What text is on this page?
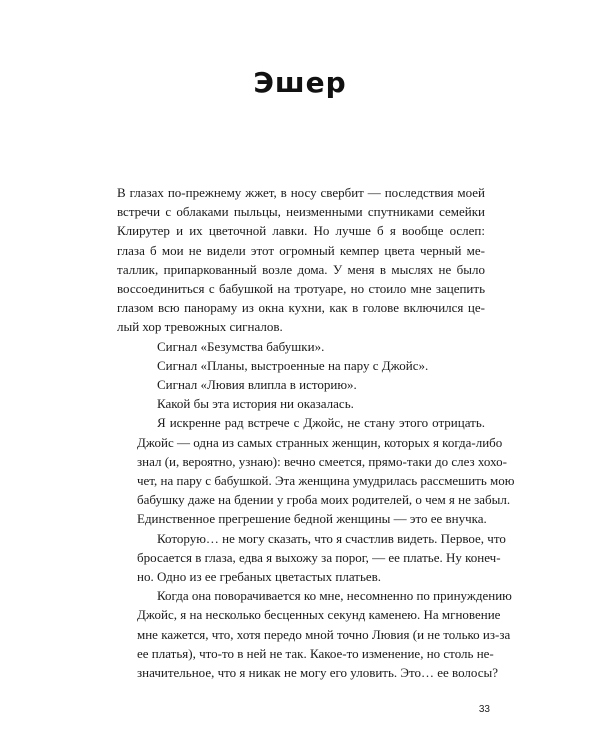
Эшер
В глазах по-прежнему жжет, в носу свербит — последствия моей
встречи с облаками пыльцы, неизменными спутниками семейки
Клирутер и их цветочной лавки. Но лучше б я вообще ослеп:
глаза б мои не видели этот огромный кемпер цвета черный ме-
таллик, припаркованный возле дома. У меня в мыслях не было
воссоединиться с бабушкой на тротуаре, но стоило мне зацепить
глазом всю панораму из окна кухни, как в голове включился це-
лый хор тревожных сигналов.
Сигнал «Безумства бабушки».
Сигнал «Планы, выстроенные на пару с Джойс».
Сигнал «Лювия влипла в историю».
Какой бы эта история ни оказалась.
Я искренне рад встрече с Джойс, не стану этого отрицать.
Джойс — одна из самых странных женщин, которых я когда-либо
знал (и, вероятно, узнаю): вечно смеется, прямо-таки до слез хохо-
чет, на пару с бабушкой. Эта женщина умудрилась рассмешить мою
бабушку даже на бдении у гроба моих родителей, о чем я не забыл.
Единственное прегрешение бедной женщины — это ее внучка.
Которую… не могу сказать, что я счастлив видеть. Первое, что
бросается в глаза, едва я выхожу за порог, — ее платье. Ну конеч-
но. Одно из ее гребаных цветастых платьев.
Когда она поворачивается ко мне, несомненно по принуждению
Джойс, я на несколько бесценных секунд каменею. На мгновение
мне кажется, что, хотя передо мной точно Лювия (и не только из-за
ее платья), что-то в ней не так. Какое-то изменение, но столь не-
значительное, что я никак не могу его уловить. Это… ее волосы?
33
